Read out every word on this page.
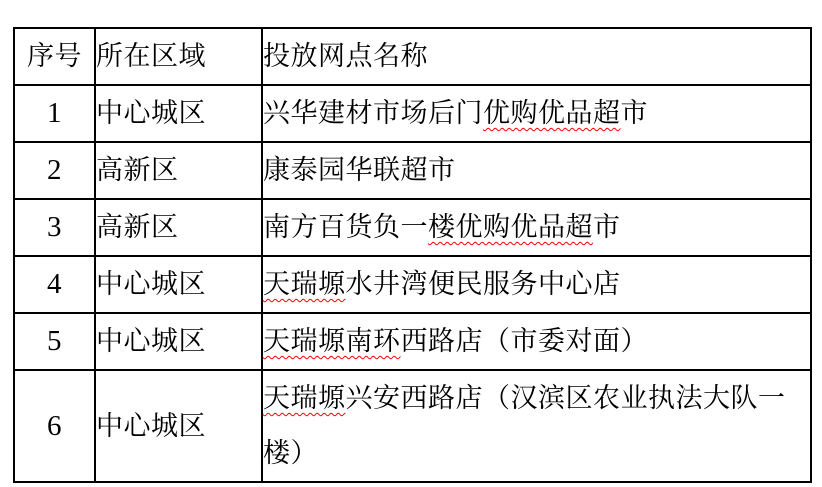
序号	所在区域	投放网点名称
1	中心城区	兴华建材市场后门优购优品超市
2	高新区	康泰园华联超市
3	高新区	南方百货负一楼优购优品超市
4	中心城区	天瑞塬水井湾便民服务中心店
5	中心城区	天瑞塬南环西路店（市委对面）
6	中心城区	天瑞塬兴安西路店（汉滨区农业执法大队一楼）
